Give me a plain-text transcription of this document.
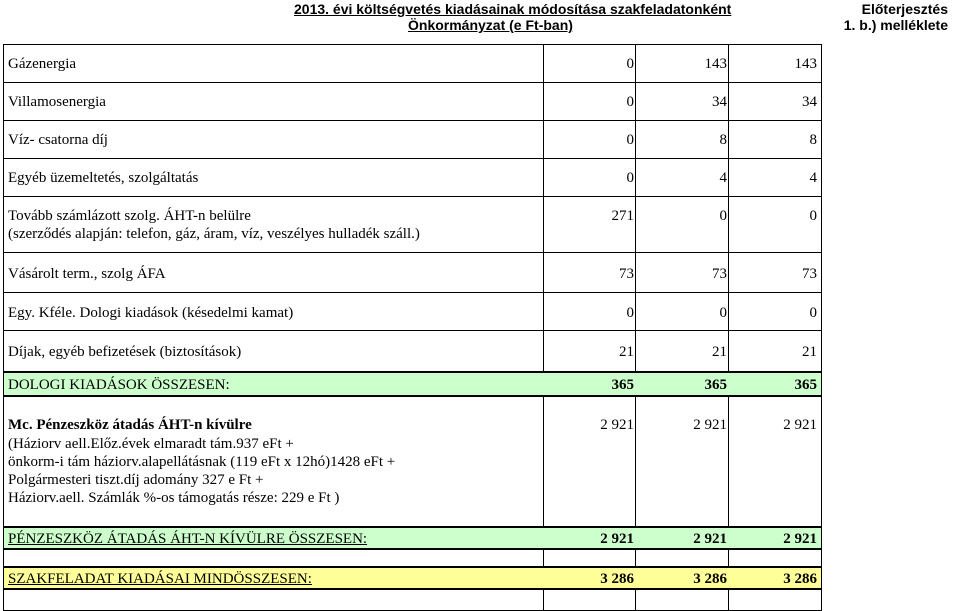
2013. évi költségvetés kiadásainak módosítása szakfeladatonként
Önkormányzat (e Ft-ban)
Előterjesztés
1. b.) melléklete
Gázenergia	0	143	143
Villamosenergia	0	34	34
Víz- csatorna díj	0	8	8
Egyéb üzemeltetés, szolgáltatás	0	4	4
Tovább számlázott szolg. ÁHT-n belülre
(szerződés alapján: telefon, gáz, áram, víz, veszélyes hulladék száll.)
271	0	0
Vásárolt term., szolg ÁFA	73	73	73
Egy. Kféle. Dologi kiadások (késedelmi kamat)	0	0	0
Díjak, egyéb befizetések (biztosítások)	21	21	21
DOLOGI KIADÁSOK ÖSSZESEN:	365	365	365
Mc. Pénzeszköz átadás ÁHT-n kívülre
(Háziorv aell.Előz.évek elmaradt tám.937 eFt +
önkorm-i tám háziorv.alapellátásnak (119 eFt x 12hó)1428 eFt +
Polgármesteri tiszt.díj adomány 327 e Ft +
Háziorv.aell. Számlák %-os támogatás része: 229 e Ft )
2 921	2 921	2 921
PÉNZESZKÖZ ÁTADÁS ÁHT-N KÍVÜLRE ÖSSZESEN:	2 921	2 921	2 921
SZAKFELADAT KIADÁSAI MINDÖSSZESEN:	3 286	3 286	3 286
